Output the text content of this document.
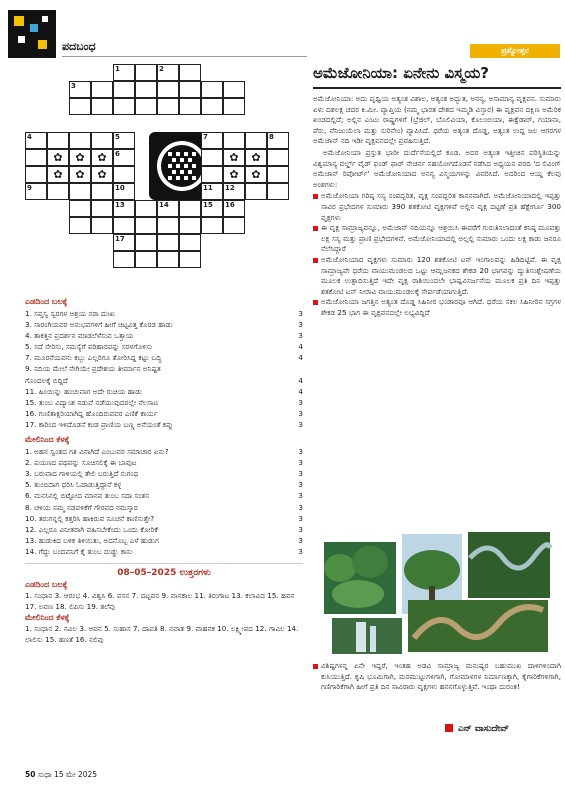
ಪದಬಂಧ
1	2
3
4	5	7	8
6
9	10	11 12
13	14	15 16
17
✿	✿	✿	✿	✿
✿	✿	✿	✿	✿
ಎಡದಿಂದ ಬಲಕ್ಕೆ
1. ಸಪ್ತಸ್ವ ಸ್ವರಗಳ ಆಶ್ರಯ ಸರಾ ದುಃಖ	3
3. ಸಾರಂಗಿಯವರ ಅನುಭವಗಳಿಗೆ ಹೀಗೆ ಚಿಟ್ಟವಿತ್ತ ಕೊರಡ ಹಾಡು	3
4. ತಾಕತ್ತಿನ ಪ್ರದರ್ಶನ ಮಾಡಲೆಳೆಸುವ ಒತ್ತಾಯ	3
5. ಸದೆ ಸೇರಿಸು, ಸಮಸ್ಯೆಗೆ ಪರಿಹಾರವನ್ನು ಸರಳಗೊಳಿಸು	4
7. ಮೂರನೆಯವನು ಕಬ್ಬು ಎಲ್ಲರಿಗೂ ತೋರಿಸಿದ್ದ ಕಟ್ಟು ಬದ್ಧಿ	4
9. ನದಿಯ ಮೇಲೆ ನೇಗಿಯೇ ಪ್ರದೇಶಯ ತೀರ್ಮಾನ ಅನಿಷ್ಟತ
ಗೊಂದಲಕ್ಕೆ ಬಿದ್ದಿದೆ	4
11. ಹಿಂಯಿನ್ನು ಹಂಚುವಾಗ ಅದೇ ರುಚಿಯ ಹಾಡು	4
15. ತುಂಬ ವಿದ್ಯಾಂಶ ನಡುವೆ ನಡೆಯುವುದರಲ್ಲೇ ನೆಲಸಾಟ	3
16. ಗುಣಿತಾಕ್ಷರಿಯಾಗಿದ್ದ ಹೊಂದಿರುವವರ ಎಣಿಕೆ ಕಾರ್ಯ	3
17. ಕಾರಿಂದ ಇಳಿದೊಡನೆ ಕಂಡ ಪ್ರಾಣಿಯ ಬಣ್ಣ ಅನೆಯಂತೆ ಕಪ್ಪು	3
ಮೇಲಿನಿಂದ ಕೆಳಕ್ಕೆ
1. ಅಹನ ಸ್ವಂತದ ಗತಿ ವಿನಾಗಿದೆ ಎಂಬುವರ ಸಮಾಚಾರ ಏನು?	3
2. ಪಯಣದ ಪಥವನ್ನು ಸೂಚಿಸಲಿಕ್ಕೆ ಈ ಬಾವುಟ	3
3. ಬರುವಾದ ಗಾಳಿಯಲ್ಲಿ ತೇಲಿ ಬರುತ್ತಿದೆ ಸುಗಂಧ	3
5. ತುಂಬಿದಾಗ ಧರಿಸಿ ಓದಾಡುತ್ತಿದ್ದಾನೆ ಕಳ್ಳ	3
6. ಮನಸಿನಲ್ಲಿ ಬಿಟ್ಟೋದ ಮಾನವ ತುಂಬ ಸದಾ ಸಂತಸ	3
8. ಚಳಿಯ ನಮ್ಮ ನಡವಳಿಕೆಗೆ ಗೌರವದ ನಮಸ್ಕಾರ	3
10. ತರುಗನ್ನಲ್ಲಿ ಕತ್ತರಿಸಿ ಹಾಕಿರುವ ಸೂಚನೆ ಕಾಣಿಸುತ್ತೇ?	3
12. ಎಲ್ಲರೂ ವಿನೀತರಾಗಿ ವಹಿಸಬೇಕೆಂದು ಒಂದು ಕೋರಿಕೆ	3
13. ಹುಡುಕಿದ ಬಳಿಕ ತಿಳಿಯಿತು, ಅದನೊಬ್ಬ ಎಳೆ ಹುಡುಗ	3
14. ಗೆದ್ದು ಬಂದವನಿಗೆ ಕೈ ತುಂಬ ದುಡ್ಡು ಕಾಸು	3
08–05–2025 ಉತ್ತರಗಳು
ಎಡದಿಂದ ಬಲಕ್ಕೆ
1. ಸಂಧಾನ 3. ಆರಂಭ 4. ವಿಶ್ವಸಿ 6. ವಸನ 7. ದಟ್ಟವನ 9. ವಾನಕಾಲ 11. ತಿರುಗಾಟ 13. ಕಲಾವಿದ 15. ಹವನ 17. ಲವಣ 18. ಲಿಪಿಸು 19. ತಲೆವು
ಮೇಲಿನಿಂದ ಕೆಳಕ್ಕೆ
1. ಸಂಧಾನ 2. ನವಿಲ 3. ಆವನ 5. ಸುಹಾಸ 7. ದಾಪತಿ 8. ನವಾತ 9. ವಾಹನಕ 10. ಲಕ್ಷ್ಮೀಪದ 12. ಗಾವಿಲ 14. ಲಾಲಿಸು 15. ಹಣತೆ 16. ನಲಿವು
ಪ್ರಶ್ನೋತ್ತರ
ಅಮೆಜೋನಿಯಾ: ಏನೇನು ವಿಸ್ಮಯ?

ಅಮೆಜೋನಿಯಾ: ಅದು ಪೃಥ್ವಿಯ ಅತ್ಯಂತ ವಿಶಾಲ, ಅತ್ಯಂತ ಅದ್ಭುತ, ಅನನ್ಯ, ಅಸಾಮಾನ್ಯ ವೃಕ್ಷವನ. ಸುಮಾರು ಏಳು ದಶಲಕ್ಷ ಚದರ ಕಿ.ಮೀ. ವ್ಯಾಪ್ತಿಯ (ನಮ್ಮ ಭಾರತ ದೇಶದ ಇಮ್ಮಡಿ ವಿಸ್ತಾರ) ಈ ವೃಕ್ಷವನ ದಕ್ಷಿಣ ಅಮೆರಿಕ ಖಂಡದಲ್ಲಿದೆ; ಅಲ್ಲಿನ ಎಂಟು ರಾಷ್ಟ್ರಗಳಿಗೆ (ಬ್ರೆಜಿಲ್, ಬೊಲಿವಿಯಾ, ಕೊಲಂಬಿಯಾ, ಈಕ್ವೆಡಾರ್, ಗಯಾನಾ, ಪೆರು, ವೆನಿಜುಯೆಲಾ ಮತ್ತು ಸುರಿನೇಂ) ವ್ಯಾಪಿಸಿದೆ. ಧರೆಯ ಅತ್ಯಂತ ದೊಡ್ಡ, ಅತ್ಯಂತ ಉದ್ದ ಜಲ ಆಗರಗಳ ಅಮೆಜಾನ್ ನದಿ ಇಡೀ ವೃಕ್ಷವನದಲ್ಲೇ ಪ್ರವಹಿಸುತ್ತಿದೆ.

ಅಮೆಜೋನಿಯಾ ಪ್ರಸ್ತುತ ಭಾರೀ ದುರ್ದೆಸೆಯಲ್ಲಿದೆ ಕೂಡ. ಅದರ ಅತ್ಯಂತ ಇತ್ತೀಚಿನ ಪರಿಸ್ಥಿತಿಯನ್ನು ವಿಶ್ವಮಾನ್ಯ ವರ್ಲ್ಡ್ ವೈಡ್ ಫಂಡ್ ಫಾರ್ ನೇಚರ್ನ ಸಹಯೋಗದೊಡನೆ ನಡೆಸಿದ ಅಧ್ಯಯನ ವರದಿ 'ದ ಲಿವಿಂಗ್ ಅಮೆಜಾನ್ ರಿಪೋರ್ಟ್' ಅಮೆಜೋನಿಯಾದ ಅನನ್ಯ ವಿಸ್ಮಯಗಳನ್ನು ವಿವರಿಸಿದೆ. ಅದರಿಂದ ಆಯ್ದ ಕೆಲವು ಅಂಶಗಳು:

ಅಮೆಜೋನಿಯಾ ಗರಿಷ್ಠ ಸಸ್ಯ ಸಂಪದ್ಭರಿತ, ವೃಕ್ಷ ಸಂಪದ್ಭರಿತ ಕಾನನವಾಗಿದೆ. ಅಮೆಜೋನಿಯಾದಲ್ಲಿ ಇಪ್ಪತ್ತು ಸಾವಿರ ಪ್ರಭೇದಗಳ ಸುಮಾರು 390 ಶತಕೋಟಿ ವೃಕ್ಷಗಳಿವೆ ಅಲ್ಲಿನ ವೃಕ್ಷ ದಟ್ಟಣೆ ಪ್ರತಿ ಹೆಕ್ಟೇರ್ಗೂ 300 ವೃಕ್ಷಗಳು
ಈ ವೃಕ್ಷ ಸಾಮ್ರಾಜ್ಯವನ್ನೂ, ಅಮೆಜಾನ್ ನದಿಯನ್ನೂ ಆಶ್ರಯಿಸಿ ಈವರೆಗೆ ಗುರುತಿಸಲಾದಂತೆ ಕನಿಷ್ಠ ಮೂವತ್ತು ಲಕ್ಷ ಸಸ್ಯ ಮತ್ತು ಪ್ರಾಣಿ ಪ್ರಭೇದಗಳಿವೆ. ಅಮೆಜೋನಿಯಾದಲ್ಲಿ ಅಲ್ಲಲ್ಲಿ ಸುಮಾರು ಒಂದು ಲಕ್ಷ ಕಾಡು ಜನರೂ ನೆಲೆಸಿದ್ದಾರೆ
ಅಮೆಜೋನಿಯಾದ ವೃಕ್ಷಗಳು ಸುಮಾರು 120 ಶತಕೋಟಿ ಟನ್ ಇಂಗಾಲವನ್ನು ಹಿಡಿದಿಟ್ಟಿವೆ. ಈ ವೃಕ್ಷ ಸಾಮ್ರಾಜ್ಯವೇ ಧರೆಯ ವಾಯುಮಂಡಲದ ಒಟ್ಟು ಆಮ್ಲಜನಕದ ಶೇಕಡ 20 ಭಾಗವನ್ನು ದ್ಯುತಿಸಂಶ್ಲೇಷಣೆಯ ಮೂಲಕ ಉತ್ಪಾದಿಸುತ್ತಿದೆ ಇದೇ ವೃಕ್ಷ ರಾಶಿಯಿಂದಲೇ ಭಾಷ್ಪವಿಸರ್ಜನೆಯ ಮೂಲಕ ಪ್ರತಿ ದಿನ ಇಪ್ಪತ್ತು ಶತಕೋಟಿ ಟನ್ ನೀರಾವಿ ವಾಯುಮಂಡಲಕ್ಕೆ ಸೇರ್ಪಡೆಯಾಗುತ್ತಿದೆ.
ಅಮೆಜೋನಿಯಾ ಜಗತ್ತಿನ ಅತ್ಯಂತ ದೊಡ್ಡ ಸಿಹಿನೀರ ಭಂಡಾರವೂ ಆಗಿದೆ. ಧರೆಯ ಸಕಲ ಸಿಹಿನೀರಿನ ಸಗ್ರಗಳ ಶೇಕಡ 25 ಭಾಗ ಈ ವೃಕ್ಷವನದಲ್ಲೇ ಲಭ್ಯವಿದ್ದಿದೆ
ವಿಶಿಷ್ಟಗಳನ್ನ ಏನೇ ಇದ್ದರೆ, ಇಂತಹ ಅಡವಿ ಸಾಮ್ರಾಜ್ಯ ಮನುಷ್ಯರ ಬಹುಮುಖ ದಾಳಿಗಳಿಂದಾಗಿ ಕುಸಿಯುತ್ತಿದೆ. ಕೃಷಿ ಭೂಮಿಗಾಗಿ, ಮರಮುಟ್ಟುಗಳಿಗಾಗಿ, ಗೋಮಾಳಗಳ ನಿರ್ಮಾಣಕ್ಕಾಗಿ, ಕೈಗಾರಿಕೆಗಳಿಗಾಗಿ, ಗಣಿಗಾರಿಕೆಗಾಗಿ ಹೀಗೆ ಪ್ರತಿ ದಿನ ಸಾವಿರಾರು ವೃಕ್ಷಗಳು ಹನನಗೊಳ್ಳುತ್ತಿವೆ. ಇಂಥಾ ದುರಂತ!
ಎನ್ ವಾಸುದೇವ್
50 ಸುಧಾ 15 ಮೇ 2025
